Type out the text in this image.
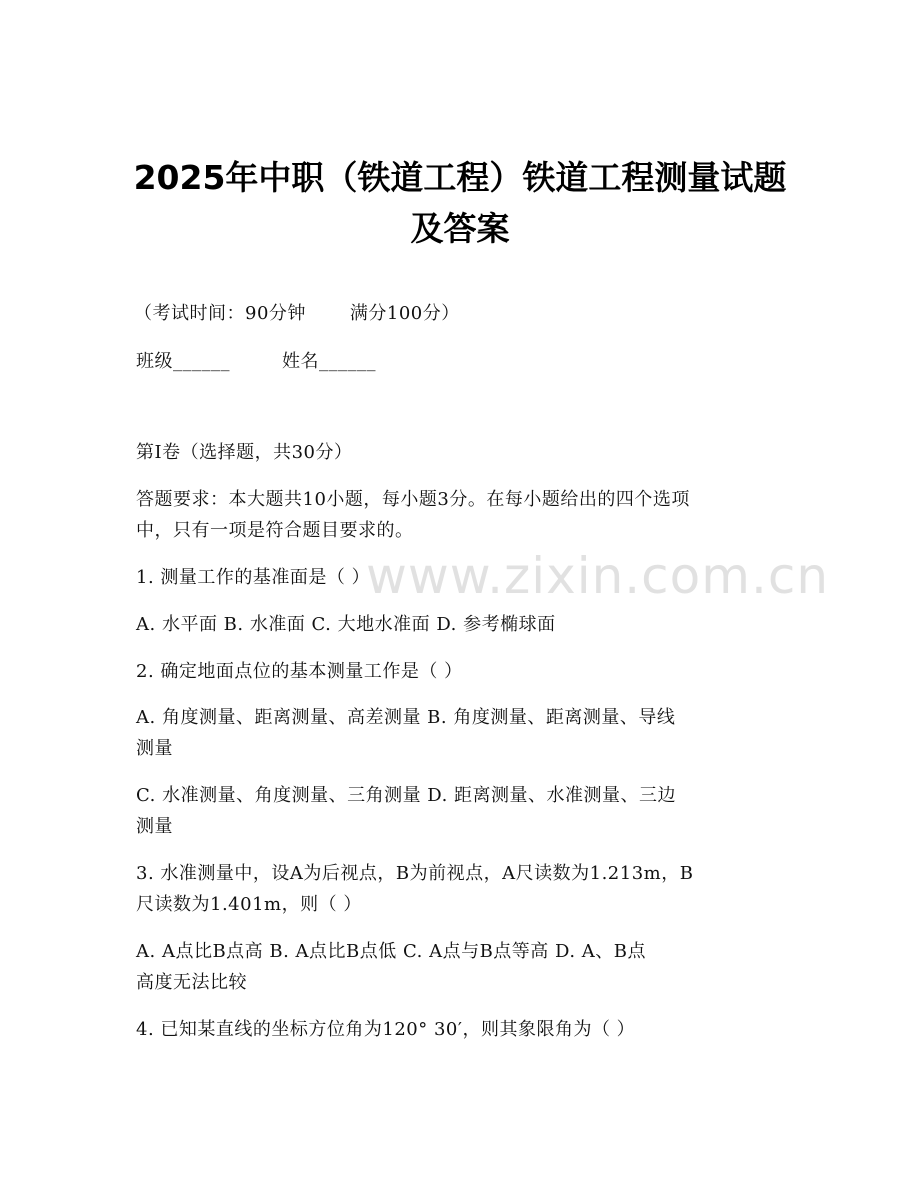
2025年中职（铁道工程）铁道工程测量试题
及答案
（考试时间：90分钟 满分100分）
班级______	姓名______
第I卷（选择题，共30分）
答题要求：本大题共10小题，每小题3分。在每小题给出的四个选项
中，只有一项是符合题目要求的。
www.zixin.com.cn
1. 测量工作的基准面是（ ）
A. 水平面 B. 水准面 C. 大地水准面 D. 参考椭球面
2. 确定地面点位的基本测量工作是（ ）
A. 角度测量、距离测量、高差测量 B. 角度测量、距离测量、导线
测量
C. 水准测量、角度测量、三角测量 D. 距离测量、水准测量、三边
测量
3. 水准测量中，设A为后视点，B为前视点，A尺读数为1.213m，B
尺读数为1.401m，则（ ）
A. A点比B点高 B. A点比B点低 C. A点与B点等高 D. A、B点
高度无法比较
4. 已知某直线的坐标方位角为120° 30′，则其象限角为（ ）
